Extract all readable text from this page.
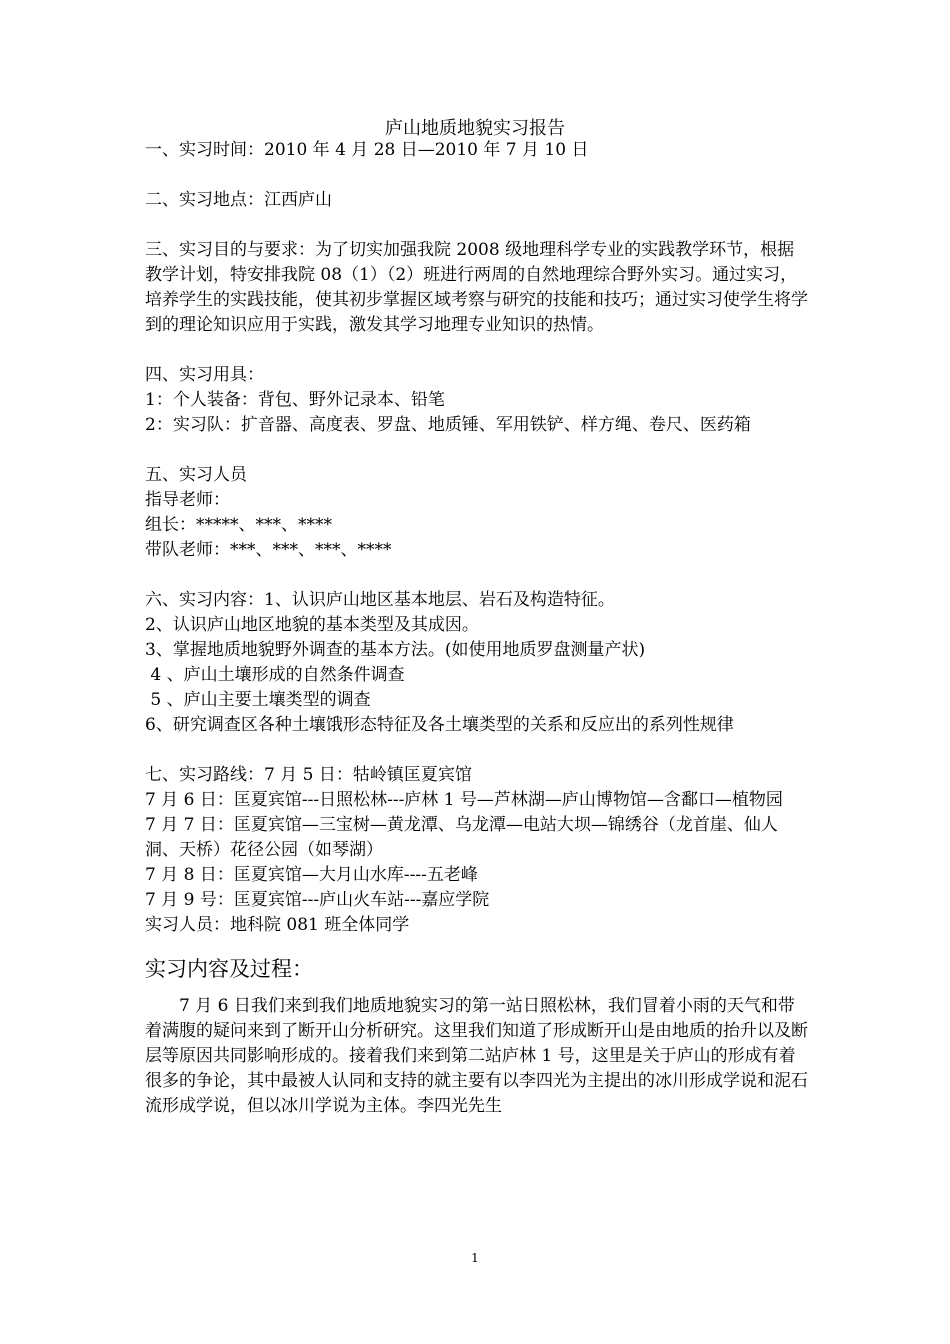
庐山地质地貌实习报告
一、实习时间：2010 年 4 月 28 日—2010 年 7 月 10 日
二、实习地点：江西庐山
三、实习目的与要求：为了切实加强我院 2008 级地理科学专业的实践教学环节，根据教学计划，特安排我院 08（1）（2）班进行两周的自然地理综合野外实习。通过实习，培养学生的实践技能，使其初步掌握区域考察与研究的技能和技巧；通过实习使学生将学到的理论知识应用于实践，激发其学习地理专业知识的热情。
四、实习用具：
1：个人装备：背包、野外记录本、铅笔
2：实习队：扩音器、高度表、罗盘、地质锤、军用铁铲、样方绳、卷尺、医药箱
五、实习人员
指导老师：
组长：*****、***、****
带队老师：***、***、***、****
六、实习内容：1、认识庐山地区基本地层、岩石及构造特征。
2、认识庐山地区地貌的基本类型及其成因。
3、掌握地质地貌野外调查的基本方法。(如使用地质罗盘测量产状)
4 、庐山土壤形成的自然条件调查
5 、庐山主要土壤类型的调查
6、研究调查区各种土壤饿形态特征及各土壤类型的关系和反应出的系列性规律
七、实习路线：7 月 5 日：牯岭镇匡夏宾馆
7 月 6 日：匡夏宾馆---日照松林---庐林 1 号—芦林湖—庐山博物馆—含鄱口—植物园
7 月 7 日：匡夏宾馆—三宝树—黄龙潭、乌龙潭—电站大坝—锦绣谷（龙首崖、仙人洞、天桥）花径公园（如琴湖）
7 月 8 日：匡夏宾馆—大月山水库----五老峰
7 月 9 号：匡夏宾馆---庐山火车站---嘉应学院
实习人员：地科院 081 班全体同学
实习内容及过程：
7 月 6 日我们来到我们地质地貌实习的第一站日照松林，我们冒着小雨的天气和带着满腹的疑问来到了断开山分析研究。这里我们知道了形成断开山是由地质的抬升以及断层等原因共同影响形成的。接着我们来到第二站庐林 1 号，这里是关于庐山的形成有着很多的争论，其中最被人认同和支持的就主要有以李四光为主提出的冰川形成学说和泥石流形成学说，但以冰川学说为主体。李四光先生
1
